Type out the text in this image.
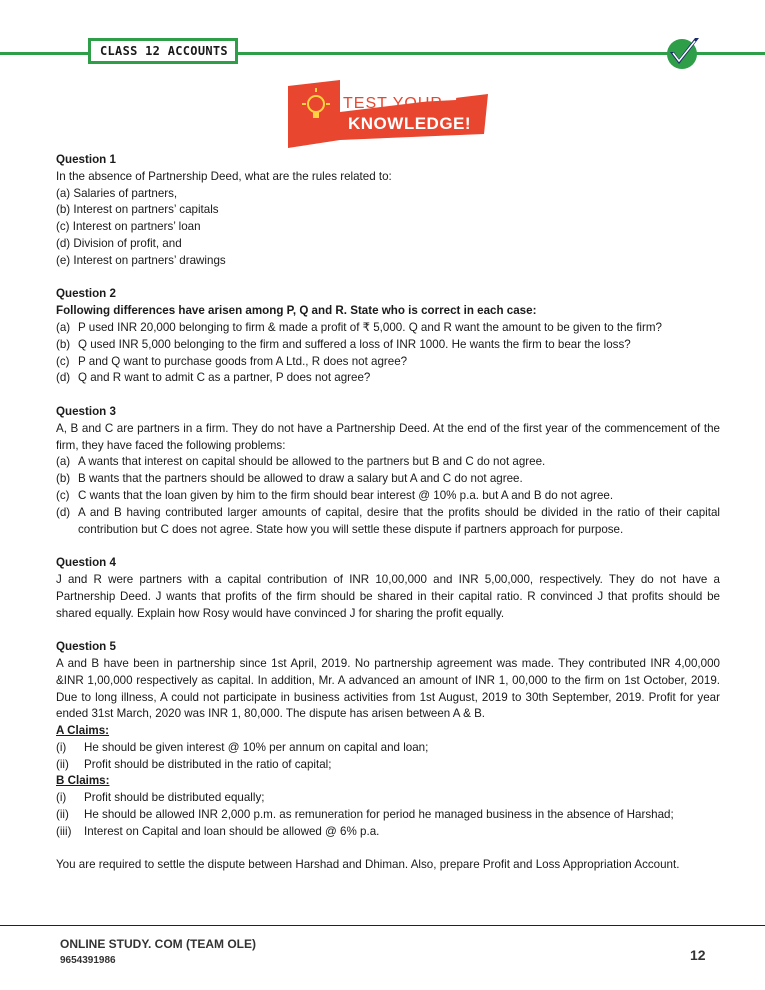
CLASS 12 ACCOUNTS
TEST YOUR
KNOWLEDGE!

Question 1

In the absence of Partnership Deed, what are the rules related to:

(a) Salaries of partners,

(b) Interest on partners’ capitals

(c) Interest on partners’ loan

(d) Division of profit, and

(e) Interest on partners’ drawings

Question 2

Following differences have arisen among P, Q and R. State who is correct in each case:

(a) P used INR 20,000 belonging to firm & made a profit of ₹ 5,000. Q and R want the amount to be given to the firm?
(b) Q used INR 5,000 belonging to the firm and suffered a loss of INR 1000. He wants the firm to bear the loss?
(c) P and Q want to purchase goods from A Ltd., R does not agree?
(d) Q and R want to admit C as a partner, P does not agree?

Question 3

A, B and C are partners in a firm. They do not have a Partnership Deed. At the end of the first year of the commencement of the firm, they have faced the following problems:

(a) A wants that interest on capital should be allowed to the partners but B and C do not agree.
(b) B wants that the partners should be allowed to draw a salary but A and C do not agree.
(c) C wants that the loan given by him to the firm should bear interest @ 10% p.a. but A and B do not agree.
(d) A and B having contributed larger amounts of capital, desire that the profits should be divided in the ratio of their capital contribution but C does not agree. State how you will settle these dispute if partners approach for purpose.

Question 4

J and R were partners with a capital contribution of INR 10,00,000 and INR 5,00,000, respectively. They do not have a Partnership Deed. J wants that profits of the firm should be shared in their capital ratio. R convinced J that profits should be shared equally. Explain how Rosy would have convinced J for sharing the profit equally.

Question 5

A and B have been in partnership since 1st April, 2019. No partnership agreement was made. They contributed INR 4,00,000 &INR 1,00,000 respectively as capital. In addition, Mr. A advanced an amount of INR 1, 00,000 to the firm on 1st October, 2019. Due to long illness, A could not participate in business activities from 1st August, 2019 to 30th September, 2019. Profit for year ended 31st March, 2020 was INR 1, 80,000. The dispute has arisen between A & B.

A Claims:

(i)	He should be given interest @ 10% per annum on capital and loan;
(ii)	Profit should be distributed in the ratio of capital;

B Claims:

(i)	Profit should be distributed equally;
(ii)	He should be allowed INR 2,000 p.m. as remuneration for period he managed business in the absence of Harshad;
(iii)	Interest on Capital and loan should be allowed @ 6% p.a.

You are required to settle the dispute between Harshad and Dhiman. Also, prepare Profit and Loss Appropriation Account.

ONLINE STUDY. COM (TEAM OLE)
9654391986	12
